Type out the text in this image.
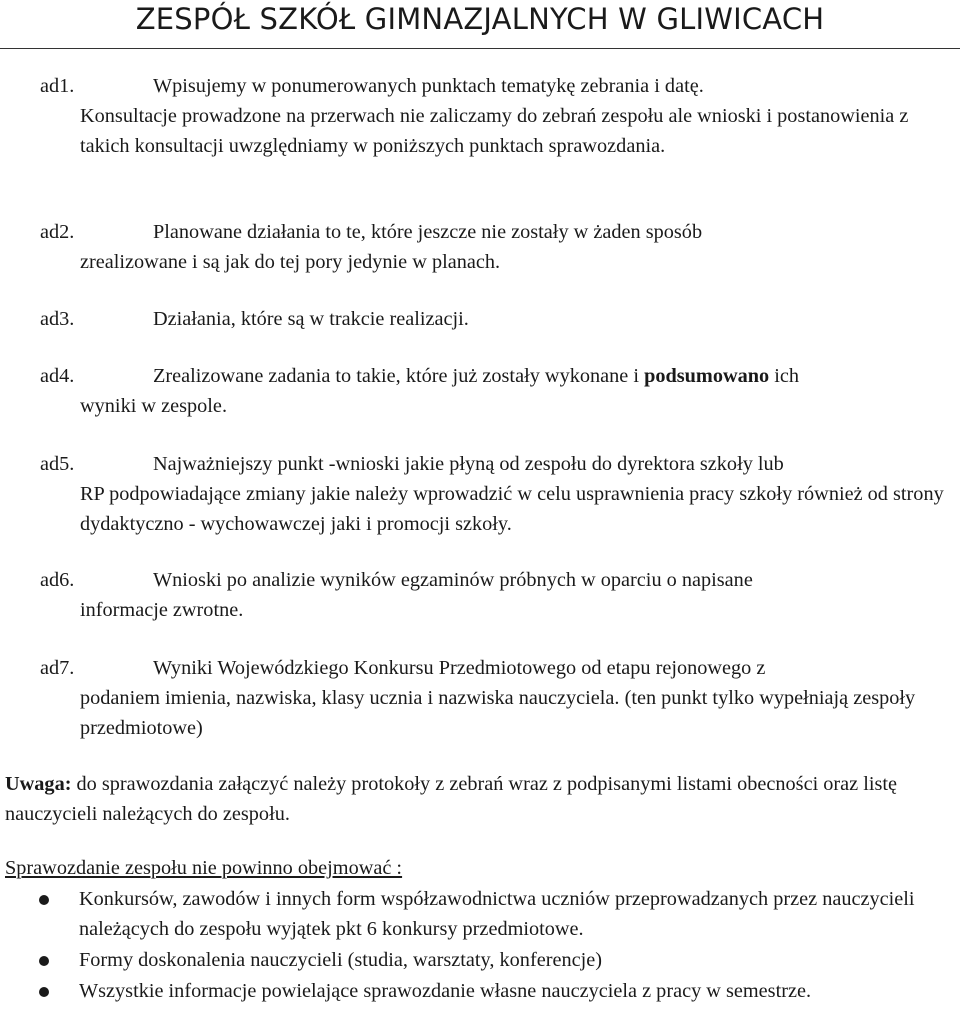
ZESPÓŁ SZKÓŁ GIMNAZJALNYCH W GLIWICACH
ad1.	Wpisujemy w ponumerowanych punktach tematykę zebrania i datę.
Konsultacje prowadzone na przerwach nie zaliczamy do zebrań zespołu ale wnioski i postanowienia z takich konsultacji uwzględniamy w poniższych punktach sprawozdania.
ad2.	Planowane działania to te, które jeszcze nie zostały w żaden sposób
zrealizowane i są jak do tej pory jedynie w planach.
ad3.	Działania, które są w trakcie realizacji.
ad4.	Zrealizowane zadania to takie, które już zostały wykonane i podsumowano ich
wyniki w zespole.
ad5.	Najważniejszy punkt -wnioski jakie płyną od zespołu do dyrektora szkoły lub
RP podpowiadające zmiany jakie należy wprowadzić w celu usprawnienia pracy szkoły również od strony dydaktyczno - wychowawczej jaki i promocji szkoły.
ad6.	Wnioski po analizie wyników egzaminów próbnych w oparciu o napisane
informacje zwrotne.
ad7.	Wyniki Wojewódzkiego Konkursu Przedmiotowego od etapu rejonowego z
podaniem imienia, nazwiska, klasy ucznia i nazwiska nauczyciela. (ten punkt tylko wypełniają zespoły przedmiotowe)
Uwaga: do sprawozdania załączyć należy protokoły z zebrań wraz z podpisanymi listami obecności oraz listę nauczycieli należących do zespołu.
Sprawozdanie zespołu nie powinno obejmować :
Konkursów, zawodów i innych form współzawodnictwa uczniów przeprowadzanych przez nauczycieli należących do zespołu wyjątek pkt 6 konkursy przedmiotowe.
Formy doskonalenia nauczycieli (studia, warsztaty, konferencje)
Wszystkie informacje powielające sprawozdanie własne nauczyciela z pracy w semestrze.
